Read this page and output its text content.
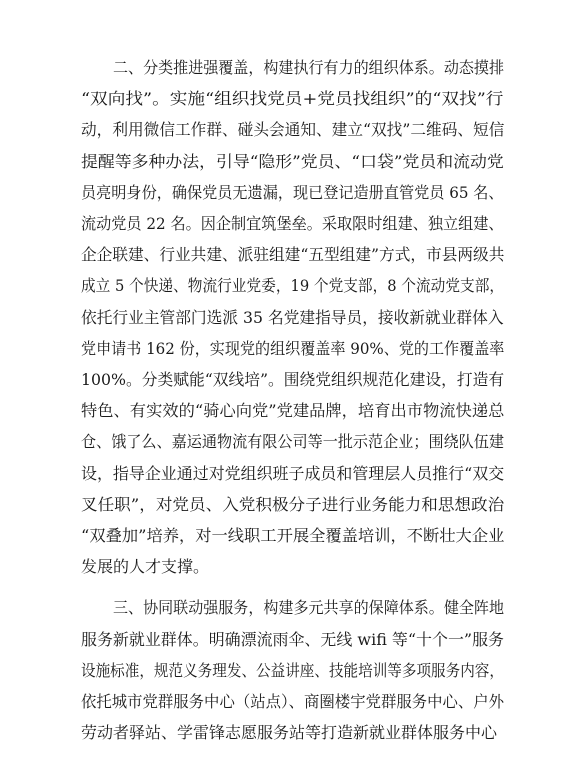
二、分类推进强覆盖，构建执行有力的组织体系。动态摸排
“双向找”。实施“组织找党员+党员找组织”的“双找”行
动，利用微信工作群、碰头会通知、建立“双找”二维码、短信
提醒等多种办法，引导“隐形”党员、“口袋”党员和流动党
员亮明身份，确保党员无遗漏，现已登记造册直管党员 65 名、
流动党员 22 名。因企制宜筑堡垒。采取限时组建、独立组建、
企企联建、行业共建、派驻组建“五型组建”方式，市县两级共
成立 5 个快递、物流行业党委，19 个党支部，8 个流动党支部，
依托行业主管部门选派 35 名党建指导员，接收新就业群体入
党申请书 162 份，实现党的组织覆盖率 90%、党的工作覆盖率
100%。分类赋能“双线培”。围绕党组织规范化建设，打造有
特色、有实效的“骑心向党”党建品牌，培育出市物流快递总
仓、饿了么、嘉运通物流有限公司等一批示范企业；围绕队伍建
设，指导企业通过对党组织班子成员和管理层人员推行“双交
叉任职”，对党员、入党积极分子进行业务能力和思想政治
“双叠加”培养，对一线职工开展全覆盖培训，不断壮大企业
发展的人才支撑。
三、协同联动强服务，构建多元共享的保障体系。健全阵地
服务新就业群体。明确漂流雨伞、无线 wifi 等“十个一”服务
设施标准，规范义务理发、公益讲座、技能培训等多项服务内容，
依托城市党群服务中心（站点）、商圈楼宇党群服务中心、户外
劳动者驿站、学雷锋志愿服务站等打造新就业群体服务中心
